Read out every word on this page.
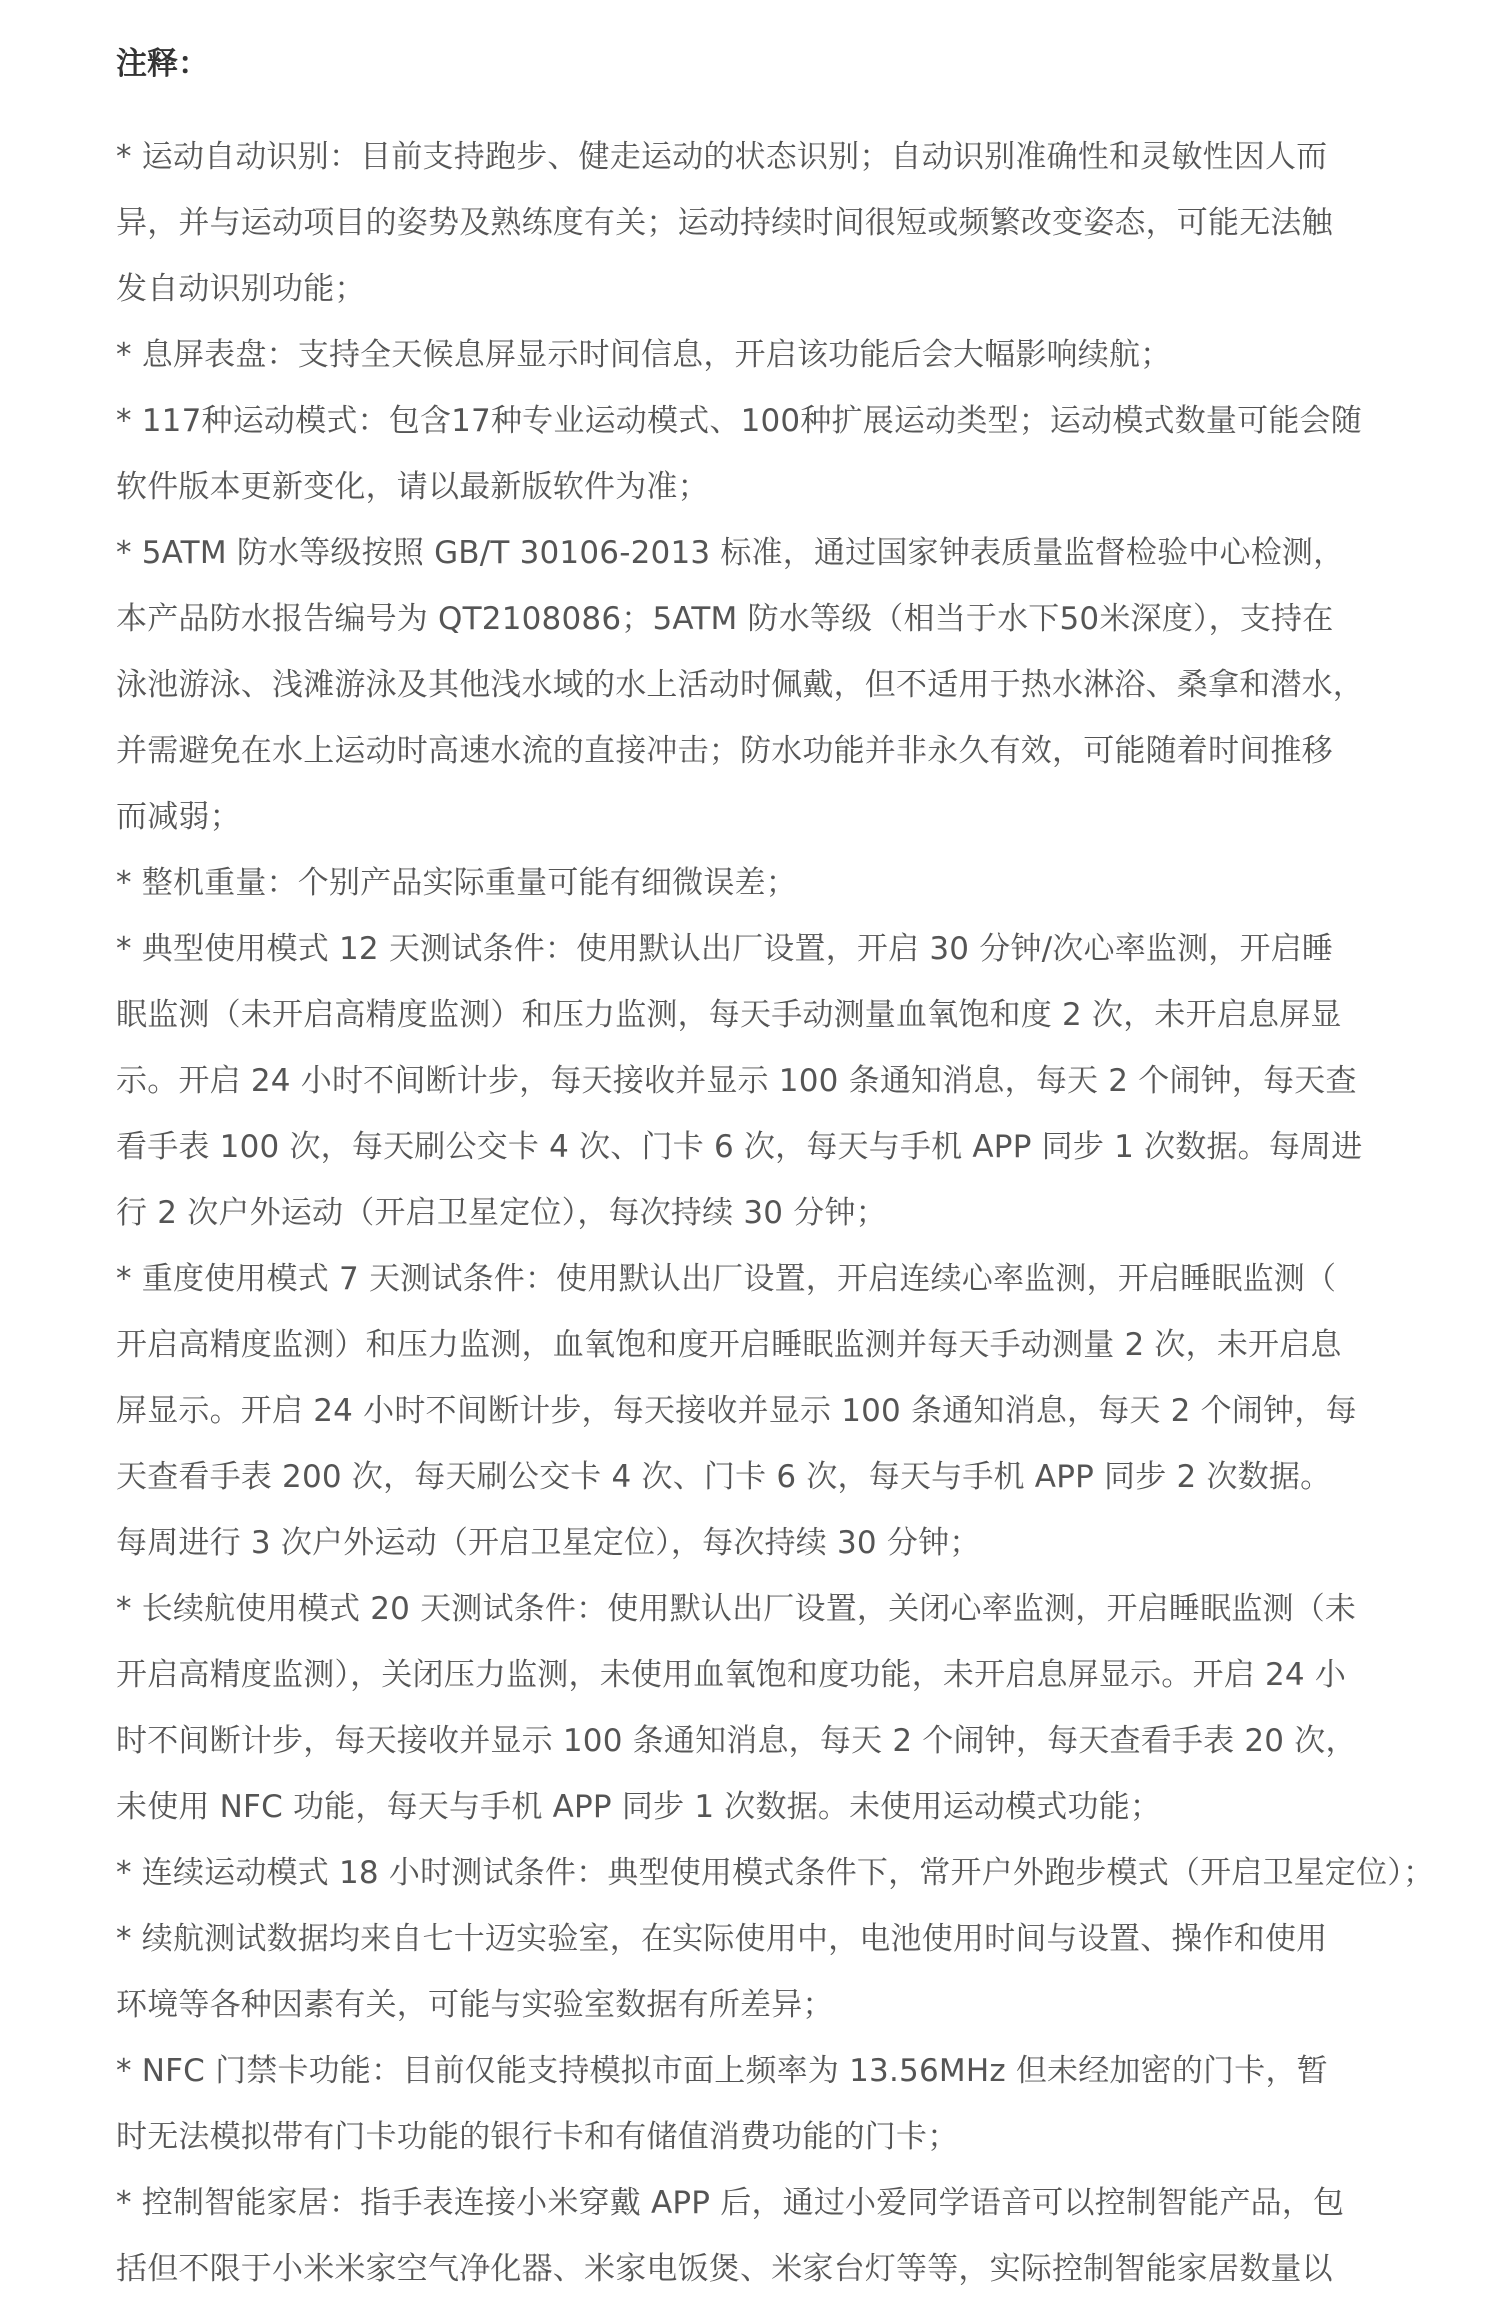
注释：
* 运动自动识别：目前支持跑步、健走运动的状态识别；自动识别准确性和灵敏性因人而
异，并与运动项目的姿势及熟练度有关；运动持续时间很短或频繁改变姿态，可能无法触
发自动识别功能；
* 息屏表盘：支持全天候息屏显示时间信息，开启该功能后会大幅影响续航；
* 117种运动模式：包含17种专业运动模式、100种扩展运动类型；运动模式数量可能会随
软件版本更新变化，请以最新版软件为准；
* 5ATM 防水等级按照 GB/T 30106-2013 标准，通过国家钟表质量监督检验中心检测，
本产品防水报告编号为 QT2108086；5ATM 防水等级（相当于水下50米深度），支持在
泳池游泳、浅滩游泳及其他浅水域的水上活动时佩戴，但不适用于热水淋浴、桑拿和潜水，
并需避免在水上运动时高速水流的直接冲击；防水功能并非永久有效，可能随着时间推移
而减弱；
* 整机重量：个别产品实际重量可能有细微误差；
* 典型使用模式 12 天测试条件：使用默认出厂设置，开启 30 分钟/次心率监测，开启睡
眠监测（未开启高精度监测）和压力监测，每天手动测量血氧饱和度 2 次，未开启息屏显
示。开启 24 小时不间断计步，每天接收并显示 100 条通知消息，每天 2 个闹钟，每天查
看手表 100 次，每天刷公交卡 4 次、门卡 6 次，每天与手机 APP 同步 1 次数据。每周进
行 2 次户外运动（开启卫星定位），每次持续 30 分钟；
* 重度使用模式 7 天测试条件：使用默认出厂设置，开启连续心率监测，开启睡眠监测（
开启高精度监测）和压力监测，血氧饱和度开启睡眠监测并每天手动测量 2 次，未开启息
屏显示。开启 24 小时不间断计步，每天接收并显示 100 条通知消息，每天 2 个闹钟，每
天查看手表 200 次，每天刷公交卡 4 次、门卡 6 次，每天与手机 APP 同步 2 次数据。
每周进行 3 次户外运动（开启卫星定位），每次持续 30 分钟；
* 长续航使用模式 20 天测试条件：使用默认出厂设置，关闭心率监测，开启睡眠监测（未
开启高精度监测），关闭压力监测，未使用血氧饱和度功能，未开启息屏显示。开启 24 小
时不间断计步，每天接收并显示 100 条通知消息，每天 2 个闹钟，每天查看手表 20 次，
未使用 NFC 功能，每天与手机 APP 同步 1 次数据。未使用运动模式功能；
* 连续运动模式 18 小时测试条件：典型使用模式条件下，常开户外跑步模式（开启卫星定位）；
* 续航测试数据均来自七十迈实验室，在实际使用中，电池使用时间与设置、操作和使用
环境等各种因素有关，可能与实验室数据有所差异；
* NFC 门禁卡功能：目前仅能支持模拟市面上频率为 13.56MHz 但未经加密的门卡，暂
时无法模拟带有门卡功能的银行卡和有储值消费功能的门卡；
* 控制智能家居：指手表连接小米穿戴 APP 后，通过小爱同学语音可以控制智能产品，包
括但不限于小米米家空气净化器、米家电饭煲、米家台灯等等，实际控制智能家居数量以
